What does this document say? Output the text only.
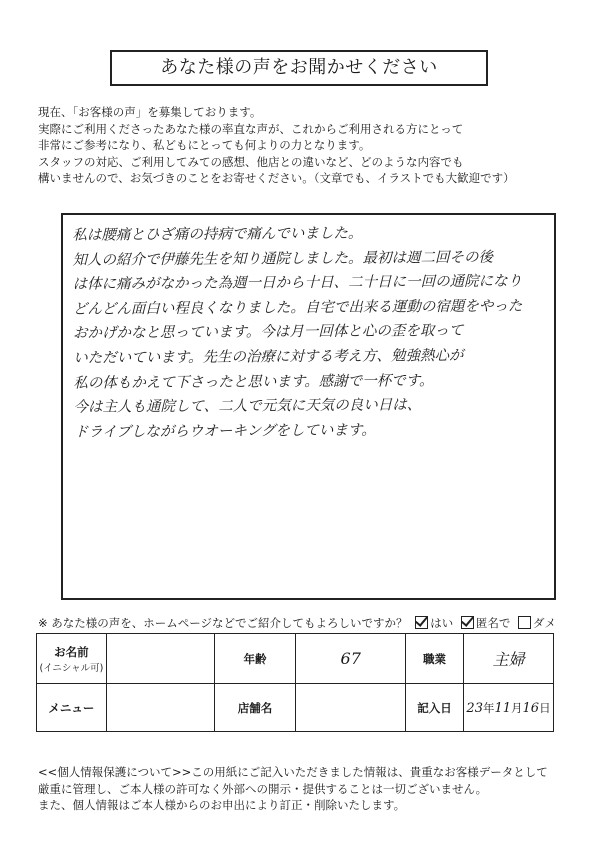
あなた様の声をお聞かせください

現在、「お客様の声」を募集しております。

実際にご利用くださったあなた様の率直な声が、これからご利用される方にとって

非常にご参考になり、私どもにとっても何よりの力となります。

スタッフの対応、ご利用してみての感想、他店との違いなど、どのような内容でも

構いませんので、お気づきのことをお寄せください。（文章でも、イラストでも大歓迎です）

私は腰痛とひざ痛の持病で痛んでいました。
知人の紹介で伊藤先生を知り通院しました。最初は週二回その後
は体に痛みがなかった為週一日から十日、二十日に一回の通院になり
どんどん面白い程良くなりました。自宅で出来る運動の宿題をやった
おかげかなと思っています。今は月一回体と心の歪を取って
いただいています。先生の治療に対する考え方、勉強熱心が
私の体もかえて下さったと思います。感謝で一杯です。
今は主人も通院して、二人で元気に天気の良い日は、
ドライブしながらウオーキングをしています。
※ あなた様の声を、ホームページなどでご紹介してもよろしいですか？ はい 匿名で ダメ
お名前
(イニシャル可)		年齢	67	職業	主婦
メニュー		店舗名		記入日	23年11月16日

<<個人情報保護について>>この用紙にご記入いただきました情報は、貴重なお客様データとして

厳重に管理し、ご本人様の許可なく外部への開示・提供することは一切ございません。

また、個人情報はご本人様からのお申出により訂正・削除いたします。
